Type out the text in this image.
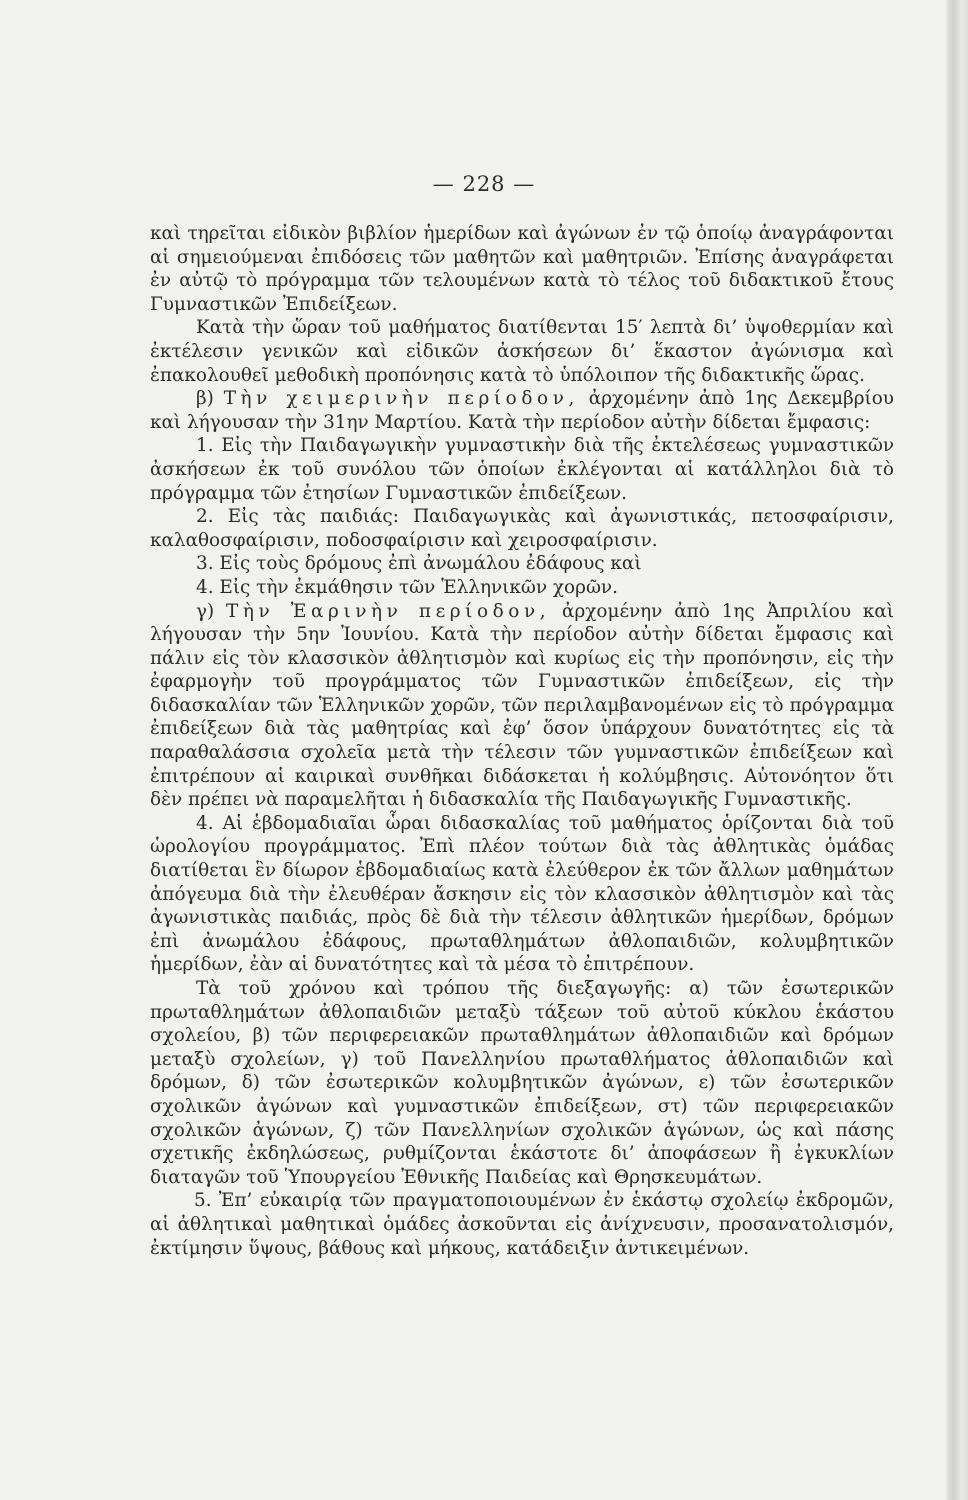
— 228 —

καὶ τηρεῖται εἰδικὸν βιβλίον ἡμερίδων καὶ ἀγώνων ἐν τῷ ὁποίῳ ἀναγράφονται αἱ σημειούμεναι ἐπιδόσεις τῶν μαθητῶν καὶ μαθητριῶν. Ἐπίσης ἀναγράφεται ἐν αὐτῷ τὸ πρόγραμμα τῶν τελουμένων κατὰ τὸ τέλος τοῦ διδακτικοῦ ἔτους Γυμναστικῶν Ἐπιδείξεων.

Κατὰ τὴν ὥραν τοῦ μαθήματος διατίθενται 15′ λεπτὰ δι’ ὑψοθερμίαν καὶ ἐκτέλεσιν γενικῶν καὶ εἰδικῶν ἀσκήσεων δι’ ἕκαστον ἀγώνισμα καὶ ἐπακολουθεῖ μεθοδικὴ προπόνησις κατὰ τὸ ὑπόλοιπον τῆς διδακτικῆς ὥρας.

β) Τὴν χειμερινὴν περίοδον, ἀρχομένην ἀπὸ 1ης Δεκεμβρίου καὶ λήγουσαν τὴν 31ην Μαρτίου. Κατὰ τὴν περίοδον αὐτὴν δίδεται ἔμφασις:

1. Εἰς τὴν Παιδαγωγικὴν γυμναστικὴν διὰ τῆς ἐκτελέσεως γυμναστικῶν ἀσκήσεων ἐκ τοῦ συνόλου τῶν ὁποίων ἐκλέγονται αἱ κατάλληλοι διὰ τὸ πρόγραμμα τῶν ἐτησίων Γυμναστικῶν ἐπιδείξεων.

2. Εἰς τὰς παιδιάς: Παιδαγωγικὰς καὶ ἀγωνιστικάς, πετοσφαίρισιν, καλαθοσφαίρισιν, ποδοσφαίρισιν καὶ χειροσφαίρισιν.

3. Εἰς τοὺς δρόμους ἐπὶ ἀνωμάλου ἐδάφους καὶ

4. Εἰς τὴν ἐκμάθησιν τῶν Ἑλληνικῶν χορῶν.

γ) Τὴν Ἐαρινὴν περίοδον, ἀρχομένην ἀπὸ 1ης Ἀπριλίου καὶ λήγουσαν τὴν 5ην Ἰουνίου. Κατὰ τὴν περίοδον αὐτὴν δίδεται ἔμφασις καὶ πάλιν εἰς τὸν κλασσικὸν ἀθλητισμὸν καὶ κυρίως εἰς τὴν προπόνησιν, εἰς τὴν ἐφαρμογὴν τοῦ προγράμματος τῶν Γυμναστικῶν ἐπιδείξεων, εἰς τὴν διδασκαλίαν τῶν Ἑλληνικῶν χορῶν, τῶν περιλαμβανομένων εἰς τὸ πρόγραμμα ἐπιδείξεων διὰ τὰς μαθητρίας καὶ ἐφ’ ὅσον ὑπάρχουν δυνατότητες εἰς τὰ παραθαλάσσια σχολεῖα μετὰ τὴν τέλεσιν τῶν γυμναστικῶν ἐπιδείξεων καὶ ἐπιτρέπουν αἱ καιρικαὶ συνθῆκαι διδάσκεται ἡ κολύμβησις. Αὐτονόητον ὅτι δὲν πρέπει νὰ παραμελῆται ἡ διδασκαλία τῆς Παιδαγωγικῆς Γυμναστικῆς.

4. Αἱ ἑβδομαδιαῖαι ὧραι διδασκαλίας τοῦ μαθήματος ὁρίζονται διὰ τοῦ ὡρολογίου προγράμματος. Ἐπὶ πλέον τούτων διὰ τὰς ἀθλητικὰς ὁμάδας διατίθεται ἓν δίωρον ἑβδομαδιαίως κατὰ ἐλεύθερον ἐκ τῶν ἄλλων μαθημάτων ἀπόγευμα διὰ τὴν ἐλευθέραν ἄσκησιν εἰς τὸν κλασσικὸν ἀθλητισμὸν καὶ τὰς ἀγωνιστικὰς παιδιάς, πρὸς δὲ διὰ τὴν τέλεσιν ἀθλητικῶν ἡμερίδων, δρόμων ἐπὶ ἀνωμάλου ἐδάφους, πρωταθλημάτων ἀθλοπαιδιῶν, κολυμβητικῶν ἡμερίδων, ἐὰν αἱ δυνατότητες καὶ τὰ μέσα τὸ ἐπιτρέπουν.

Τὰ τοῦ χρόνου καὶ τρόπου τῆς διεξαγωγῆς: α) τῶν ἐσωτερικῶν πρωταθλημάτων ἀθλοπαιδιῶν μεταξὺ τάξεων τοῦ αὐτοῦ κύκλου ἑκάστου σχολείου, β) τῶν περιφερειακῶν πρωταθλημάτων ἀθλοπαιδιῶν καὶ δρόμων μεταξὺ σχολείων, γ) τοῦ Πανελληνίου πρωταθλήματος ἀθλοπαιδιῶν καὶ δρόμων, δ) τῶν ἐσωτερικῶν κολυμβητικῶν ἀγώνων, ε) τῶν ἐσωτερικῶν σχολικῶν ἀγώνων καὶ γυμναστικῶν ἐπιδείξεων, στ) τῶν περιφερειακῶν σχολικῶν ἀγώνων, ζ) τῶν Πανελληνίων σχολικῶν ἀγώνων, ὡς καὶ πάσης σχετικῆς ἐκδηλώσεως, ρυθμίζονται ἑκάστοτε δι’ ἀποφάσεων ἢ ἐγκυκλίων διαταγῶν τοῦ Ὑπουργείου Ἐθνικῆς Παιδείας καὶ Θρησκευμάτων.

5. Ἐπ’ εὐκαιρίᾳ τῶν πραγματοποιουμένων ἐν ἑκάστῳ σχολείῳ ἐκδρομῶν, αἱ ἀθλητικαὶ μαθητικαὶ ὁμάδες ἀσκοῦνται εἰς ἀνίχνευσιν, προσανατολισμόν, ἐκτίμησιν ὕψους, βάθους καὶ μήκους, κατάδειξιν ἀντικειμένων.
